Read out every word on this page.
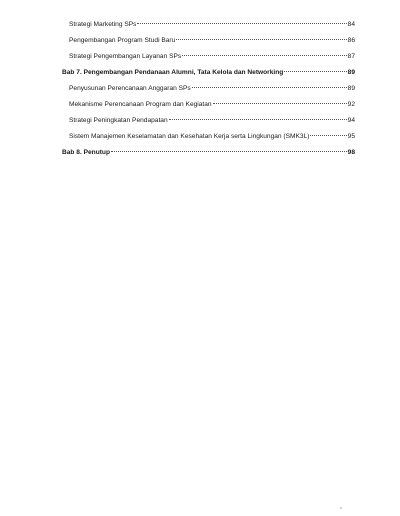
Strategi Marketing SPs	84
Pengembangan Program Studi Baru	86
Strategi Pengembangan Layanan SPs	87
Bab 7. Pengembangan Pendanaan Alumni, Tata Kelola dan Networking	89
Penyusunan Perencanaan Anggaran SPs	89
Mekanisme Perencanaan Program dan Kegiatan	92
Strategi Peningkatan Pendapatan	94
Sistem Manajemen Keselamatan dan Kesehatan Kerja serta Lingkungan (SMK3L)	95
Bab 8. Penutup	98
x
